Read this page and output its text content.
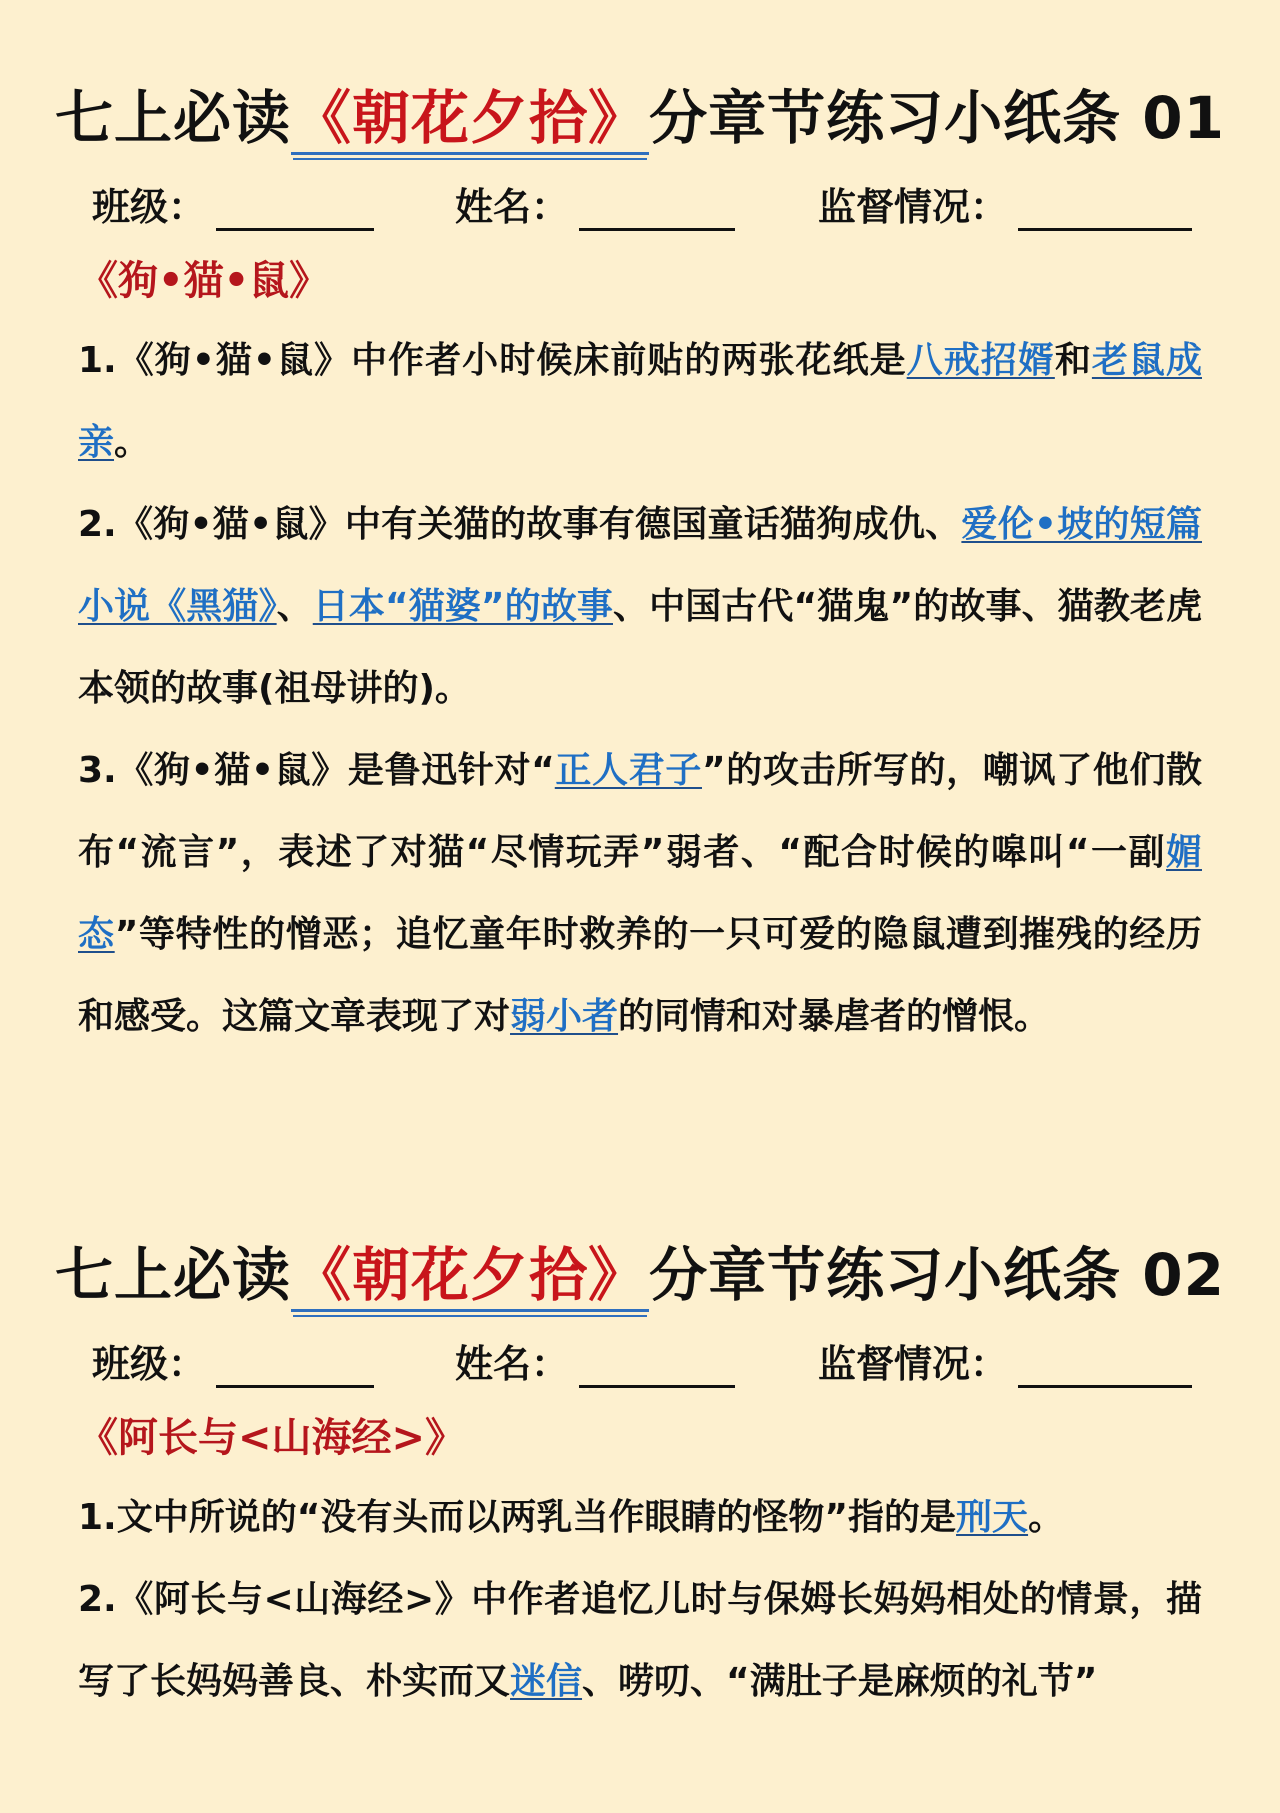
七上必读《朝花夕拾》分章节练习小纸条 01
班级：	姓名：	监督情况：
《狗•猫•鼠》

1.《狗•猫•鼠》中作者小时候床前贴的两张花纸是八戒招婿和老鼠成亲。

2.《狗•猫•鼠》中有关猫的故事有德国童话猫狗成仇、爱伦•坡的短篇小说《黑猫》、日本“猫婆”的故事、中国古代“猫鬼”的故事、猫教老虎本领的故事(祖母讲的)。

3.《狗•猫•鼠》是鲁迅针对“正人君子”的攻击所写的，嘲讽了他们散布“流言”，表述了对猫“尽情玩弄”弱者、“配合时候的嗥叫“一副媚态”等特性的憎恶；追忆童年时救养的一只可爱的隐鼠遭到摧残的经历和感受。这篇文章表现了对弱小者的同情和对暴虐者的憎恨。

七上必读《朝花夕拾》分章节练习小纸条 02
班级：	姓名：	监督情况：
《阿长与<山海经>》

1.文中所说的“没有头而以两乳当作眼睛的怪物”指的是刑天。

2.《阿长与<山海经>》中作者追忆儿时与保姆长妈妈相处的情景，描写了长妈妈善良、朴实而又迷信、唠叨、“满肚子是麻烦的礼节”
